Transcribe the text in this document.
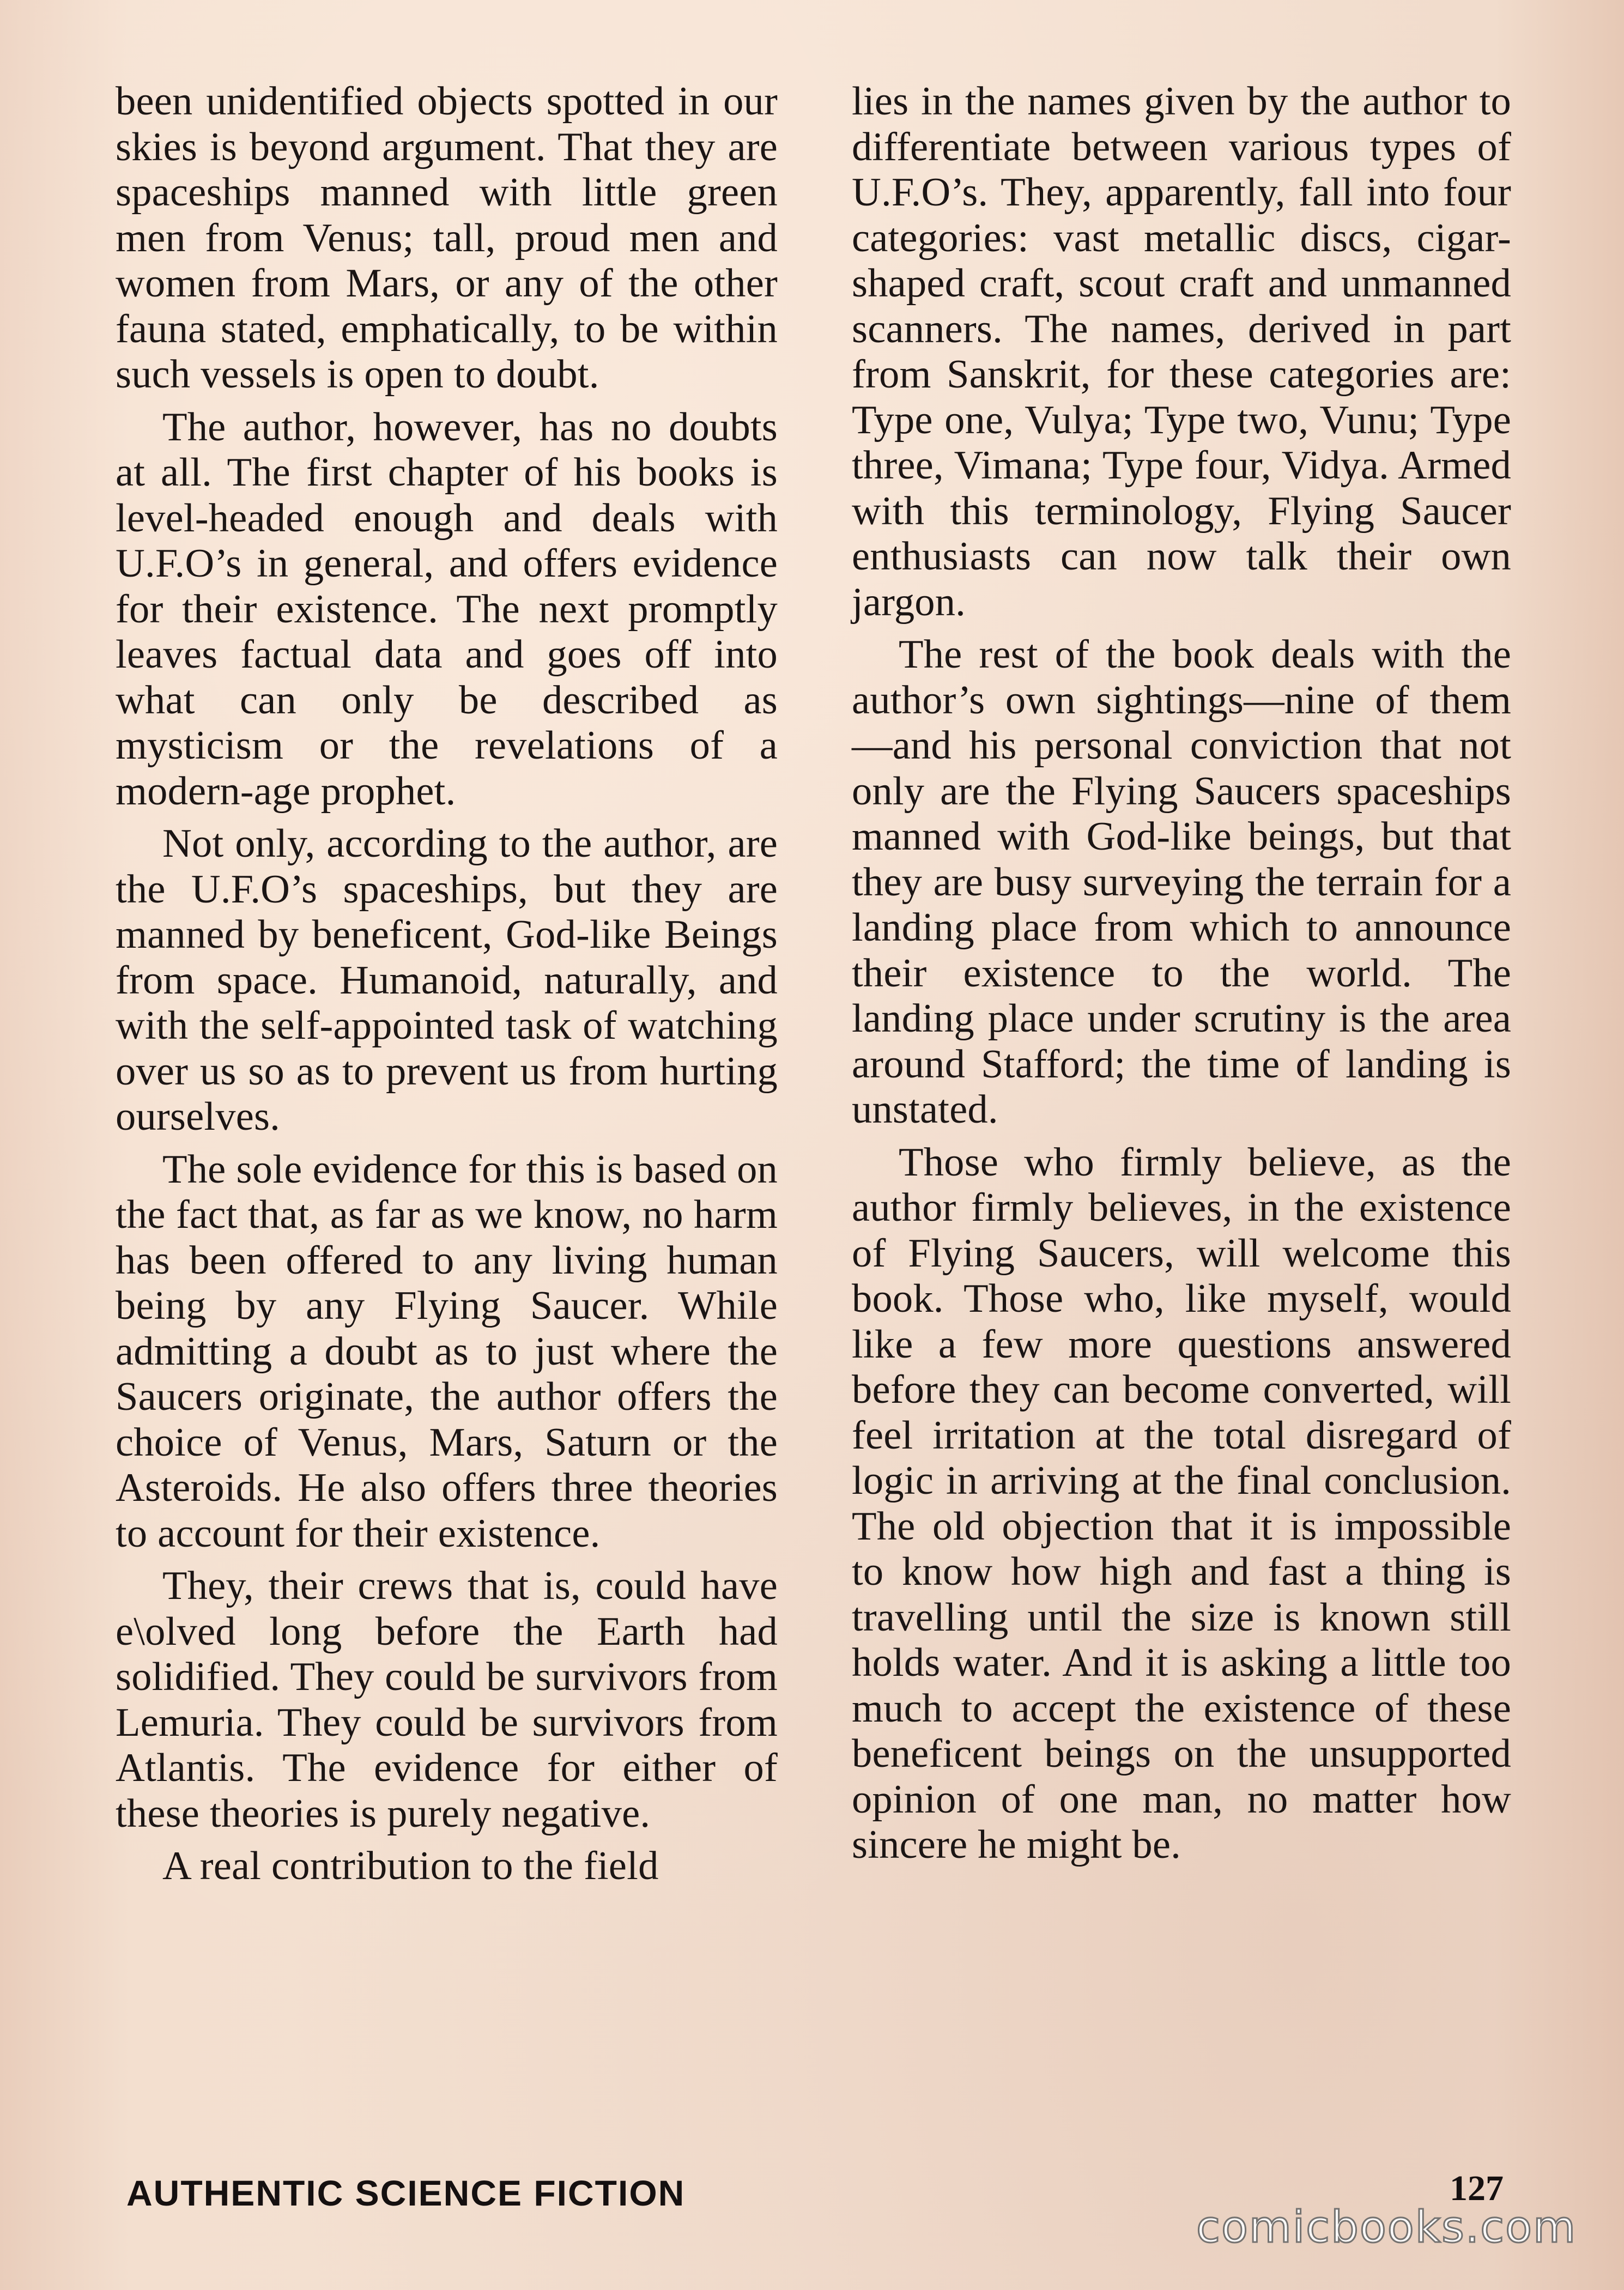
been unidentified objects spotted in our skies is beyond argument. That they are spaceships manned with little green men from Venus; tall, proud men and women from Mars, or any of the other fauna stated, emphatically, to be within such vessels is open to doubt.

The author, however, has no doubts at all. The first chapter of his books is level-headed enough and deals with U.F.O’s in general, and offers evidence for their existence. The next promptly leaves factual data and goes off into what can only be described as mysticism or the revelations of a modern-age prophet.

Not only, according to the author, are the U.F.O’s spaceships, but they are manned by beneficent, God-like Beings from space. Humanoid, naturally, and with the self-appointed task of watching over us so as to prevent us from hurting ourselves.

The sole evidence for this is based on the fact that, as far as we know, no harm has been offered to any living human being by any Flying Saucer. While admitting a doubt as to just where the Saucers originate, the author offers the choice of Venus, Mars, Saturn or the Asteroids. He also offers three theories to account for their existence.

They, their crews that is, could have e\olved long before the Earth had solidified. They could be survivors from Lemuria. They could be survivors from Atlantis. The evidence for either of these theories is purely negative.

A real contribution to the field

lies in the names given by the author to differentiate between various types of U.F.O’s. They, apparently, fall into four categories: vast metallic discs, cigar-shaped craft, scout craft and unmanned scanners. The names, derived in part from Sanskrit, for these categories are: Type one, Vulya; Type two, Vunu; Type three, Vimana; Type four, Vidya. Armed with this terminology, Flying Saucer enthusiasts can now talk their own jargon.

The rest of the book deals with the author’s own sightings—nine of them—and his personal conviction that not only are the Flying Saucers spaceships manned with God-like beings, but that they are busy surveying the terrain for a landing place from which to announce their existence to the world. The landing place under scrutiny is the area around Stafford; the time of landing is unstated.

Those who firmly believe, as the author firmly believes, in the existence of Flying Saucers, will welcome this book. Those who, like myself, would like a few more questions answered before they can become converted, will feel irritation at the total disregard of logic in arriving at the final conclusion. The old objection that it is impossible to know how high and fast a thing is travelling until the size is known still holds water. And it is asking a little too much to accept the existence of these beneficent beings on the unsupported opinion of one man, no matter how sincere he might be.

AUTHENTIC SCIENCE FICTION	127
comicbooks.com
